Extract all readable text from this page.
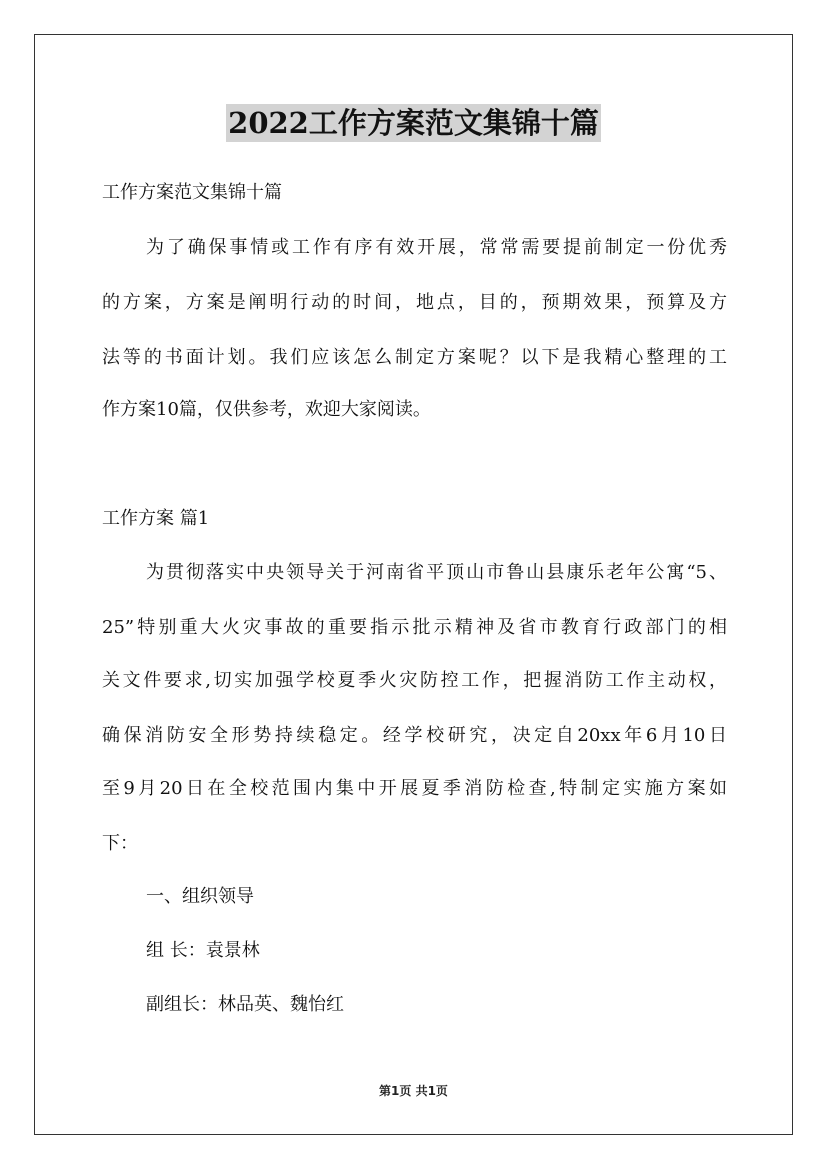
2022工作方案范文集锦十篇
工作方案范文集锦十篇
为了确保事情或工作有序有效开展，常常需要提前制定一份优秀
的方案，方案是阐明行动的时间，地点，目的，预期效果，预算及方
法等的书面计划。我们应该怎么制定方案呢？以下是我精心整理的工
作方案10篇，仅供参考，欢迎大家阅读。
工作方案 篇1
为贯彻落实中央领导关于河南省平顶山市鲁山县康乐老年公寓“5、
25”特别重大火灾事故的重要指示批示精神及省市教育行政部门的相
关文件要求,切实加强学校夏季火灾防控工作，把握消防工作主动权，
确保消防安全形势持续稳定。经学校研究，决定自20xx年6月10日
至9月20日在全校范围内集中开展夏季消防检查,特制定实施方案如
下：
一、组织领导
组 长：袁景林
副组长：林品英、魏怡红
第1页 共1页
